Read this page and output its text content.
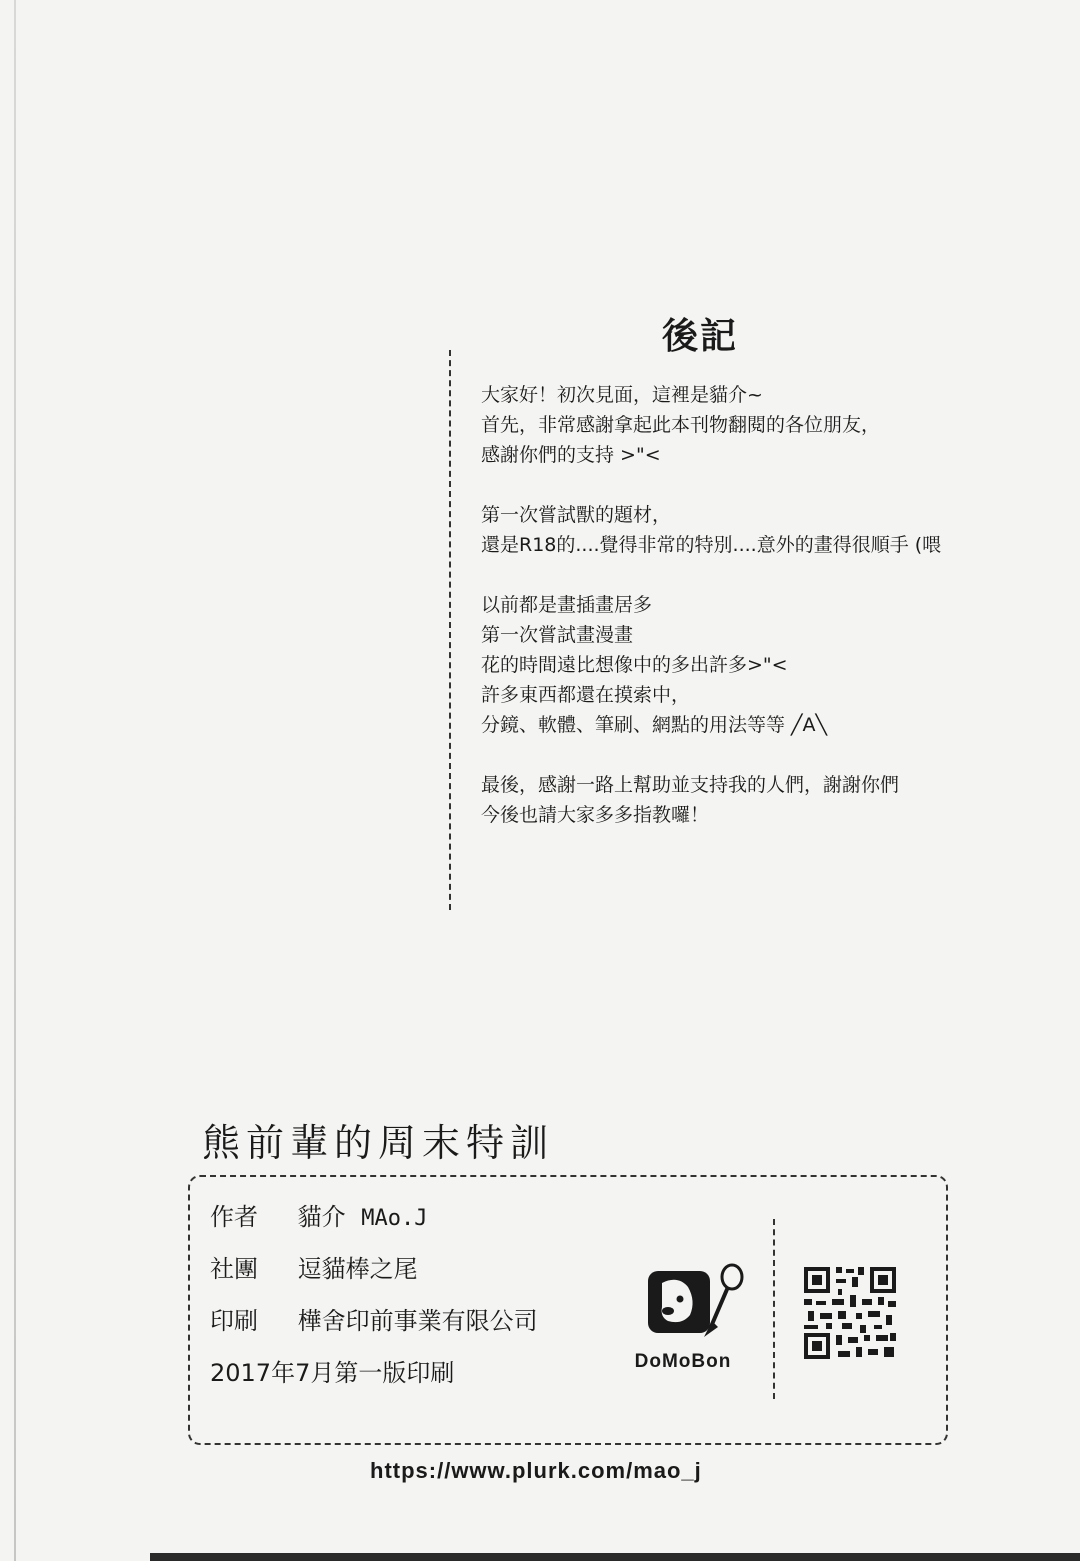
後記
大家好！初次見面，這裡是貓介~
首先，非常感謝拿起此本刊物翻閱的各位朋友，
感謝你們的支持 >"<
第一次嘗試獸的題材，
還是R18的....覺得非常的特別....意外的畫得很順手 (喂
以前都是畫插畫居多
第一次嘗試畫漫畫
花的時間遠比想像中的多出許多>"<
許多東西都還在摸索中，
分鏡、軟體、筆刷、網點的用法等等 ╱A╲
最後，感謝一路上幫助並支持我的人們，謝謝你們
今後也請大家多多指教囉！
熊前輩的周末特訓
作者 貓介 MAo.J
社團 逗貓棒之尾
印刷 樺舍印前事業有限公司
2017年7月第一版印刷	DoMoBon
https://www.plurk.com/mao_j
